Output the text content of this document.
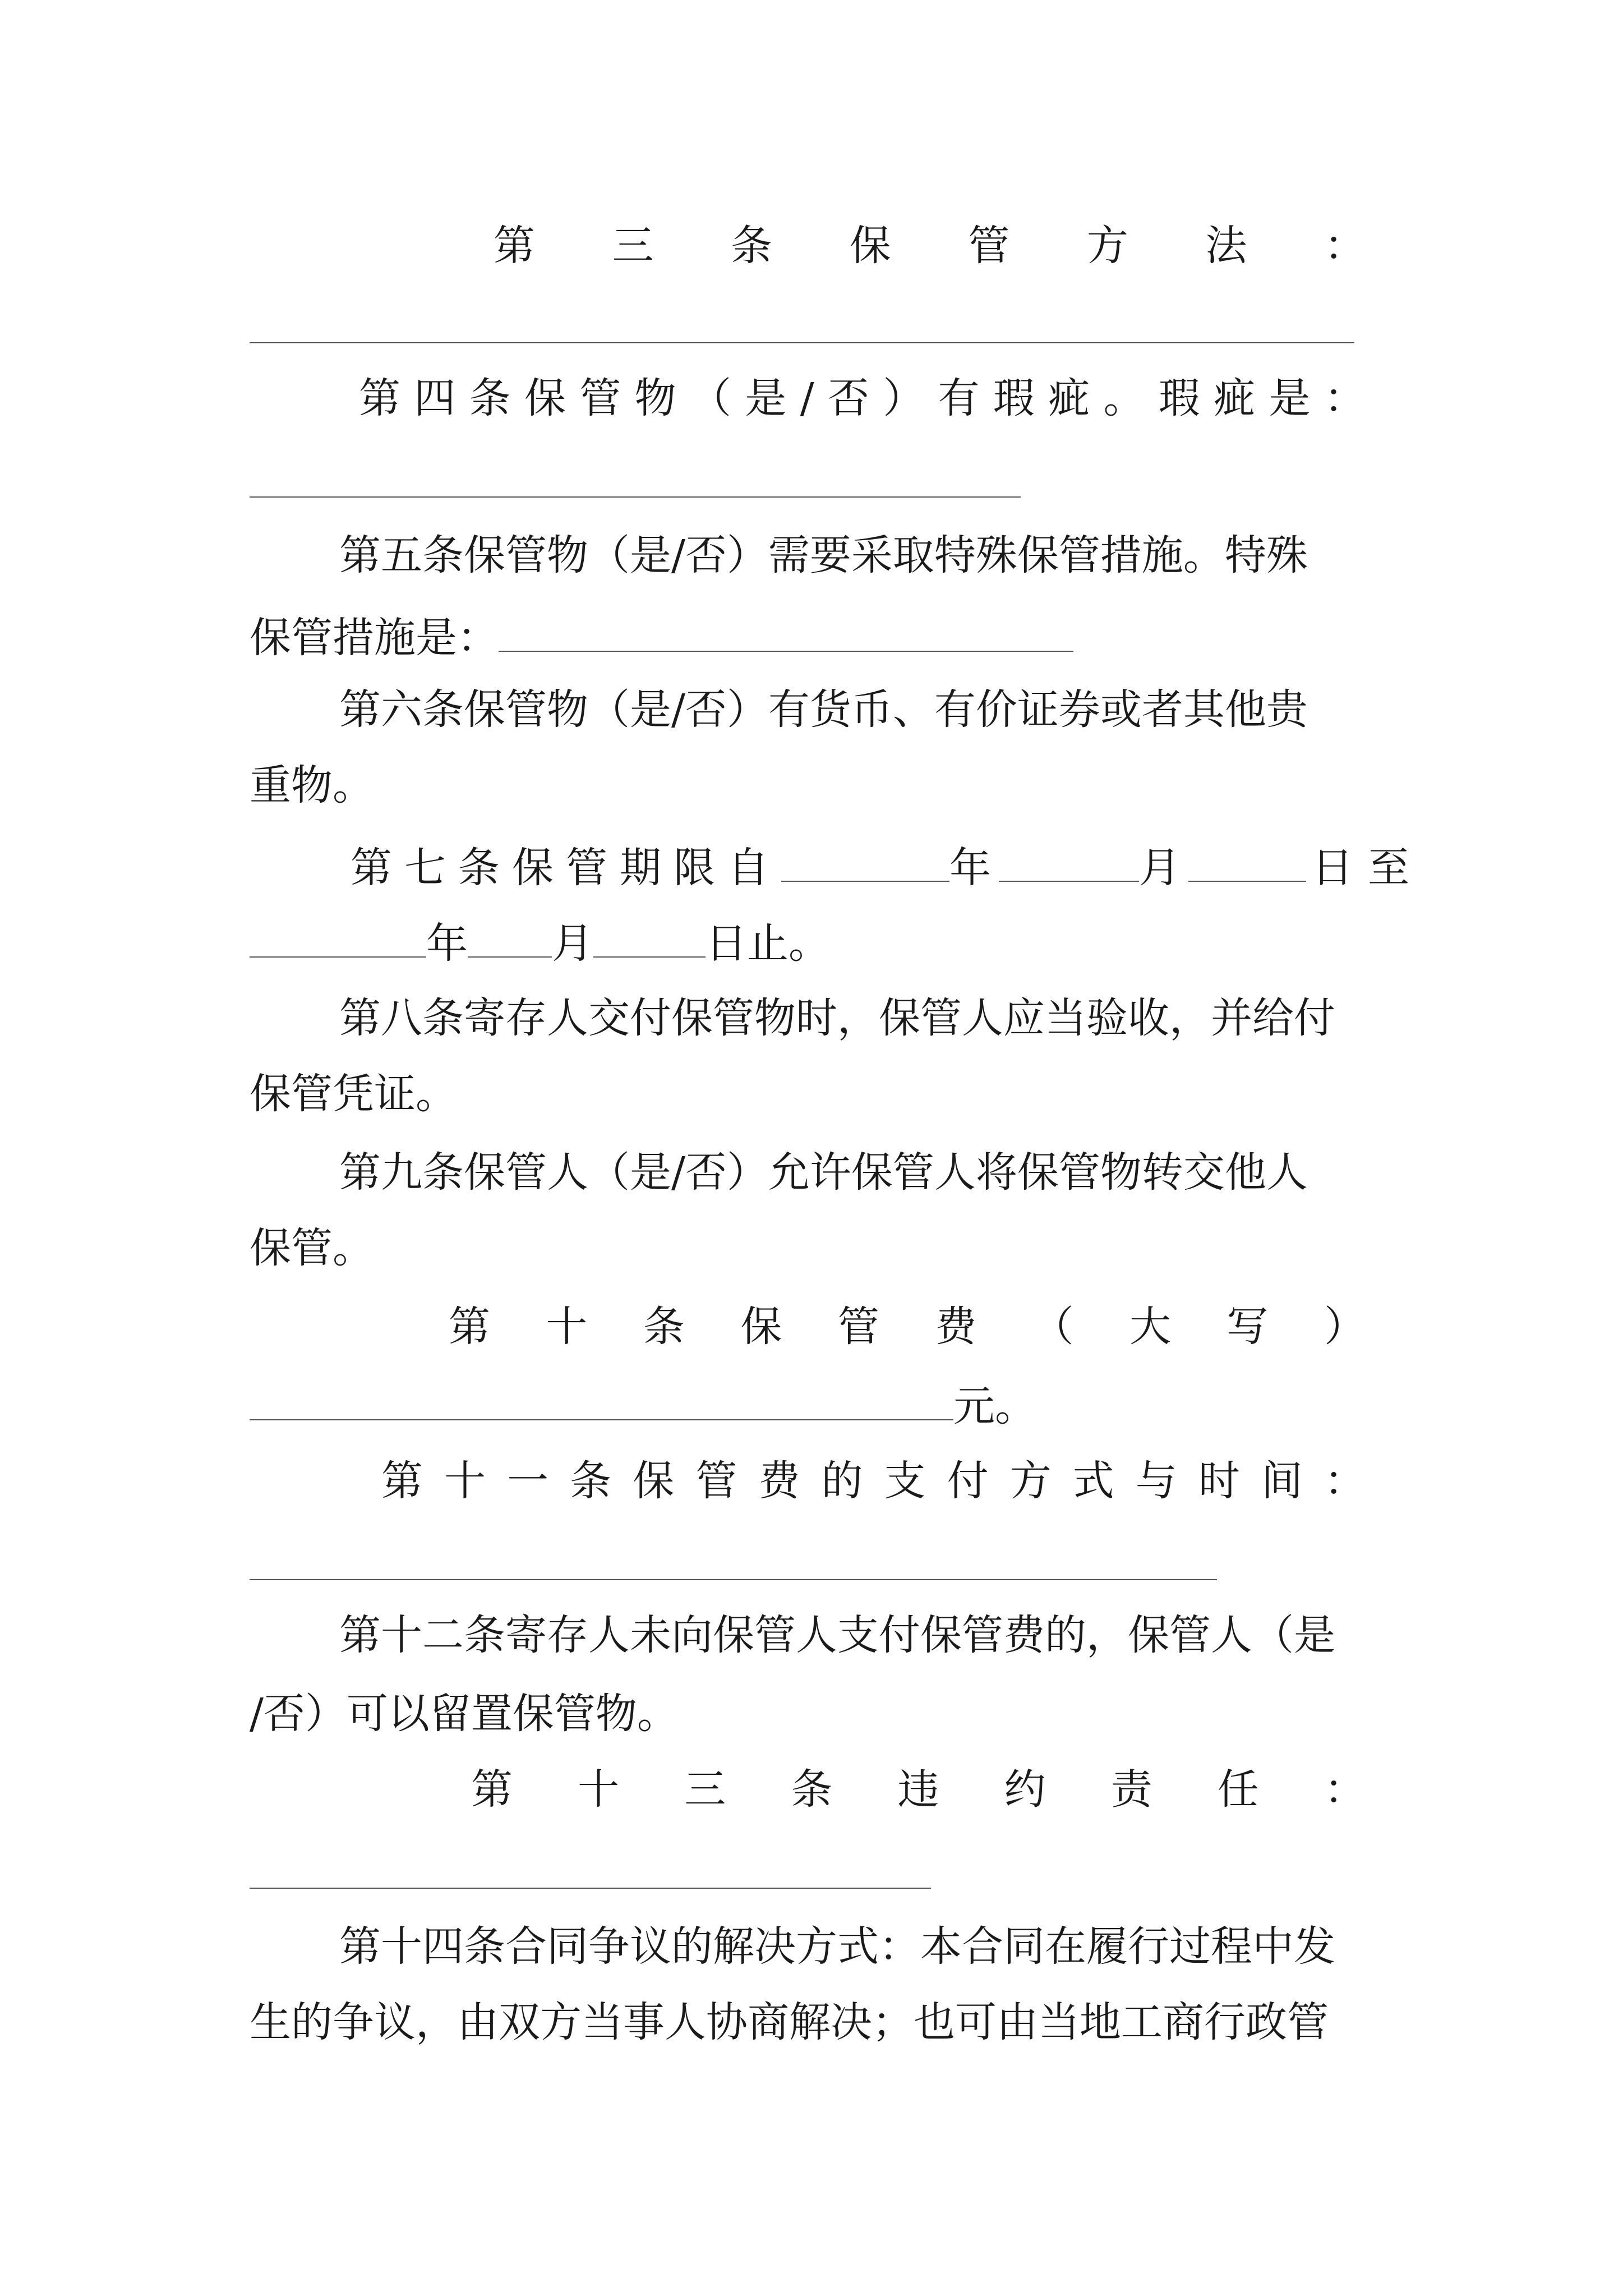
第 三 条 保 管 方 法 ：
第 四 条 保 管 物 （ 是 / 否 ） 有 瑕 疵 。 瑕 疵 是 ：
第五条保管物（是/否）需要采取特殊保管措施。特殊
保管措施是：
第六条保管物（是/否）有货币、有价证券或者其他贵
重物。
第七条保管期限自	年	月	日至
年 月	日止。
第八条寄存人交付保管物时，保管人应当验收，并给付
保管凭证。
第九条保管人（是/否）允许保管人将保管物转交他人
保管。
第 十 条 保 管 费 （ 大 写 ）
元。
第 十 一 条 保 管 费 的 支 付 方 式 与 时 间 ：
第十二条寄存人未向保管人支付保管费的，保管人（是
/否）可以留置保管物。
第 十 三 条 违 约 责 任 ：
第十四条合同争议的解决方式：本合同在履行过程中发
生的争议，由双方当事人协商解决；也可由当地工商行政管
